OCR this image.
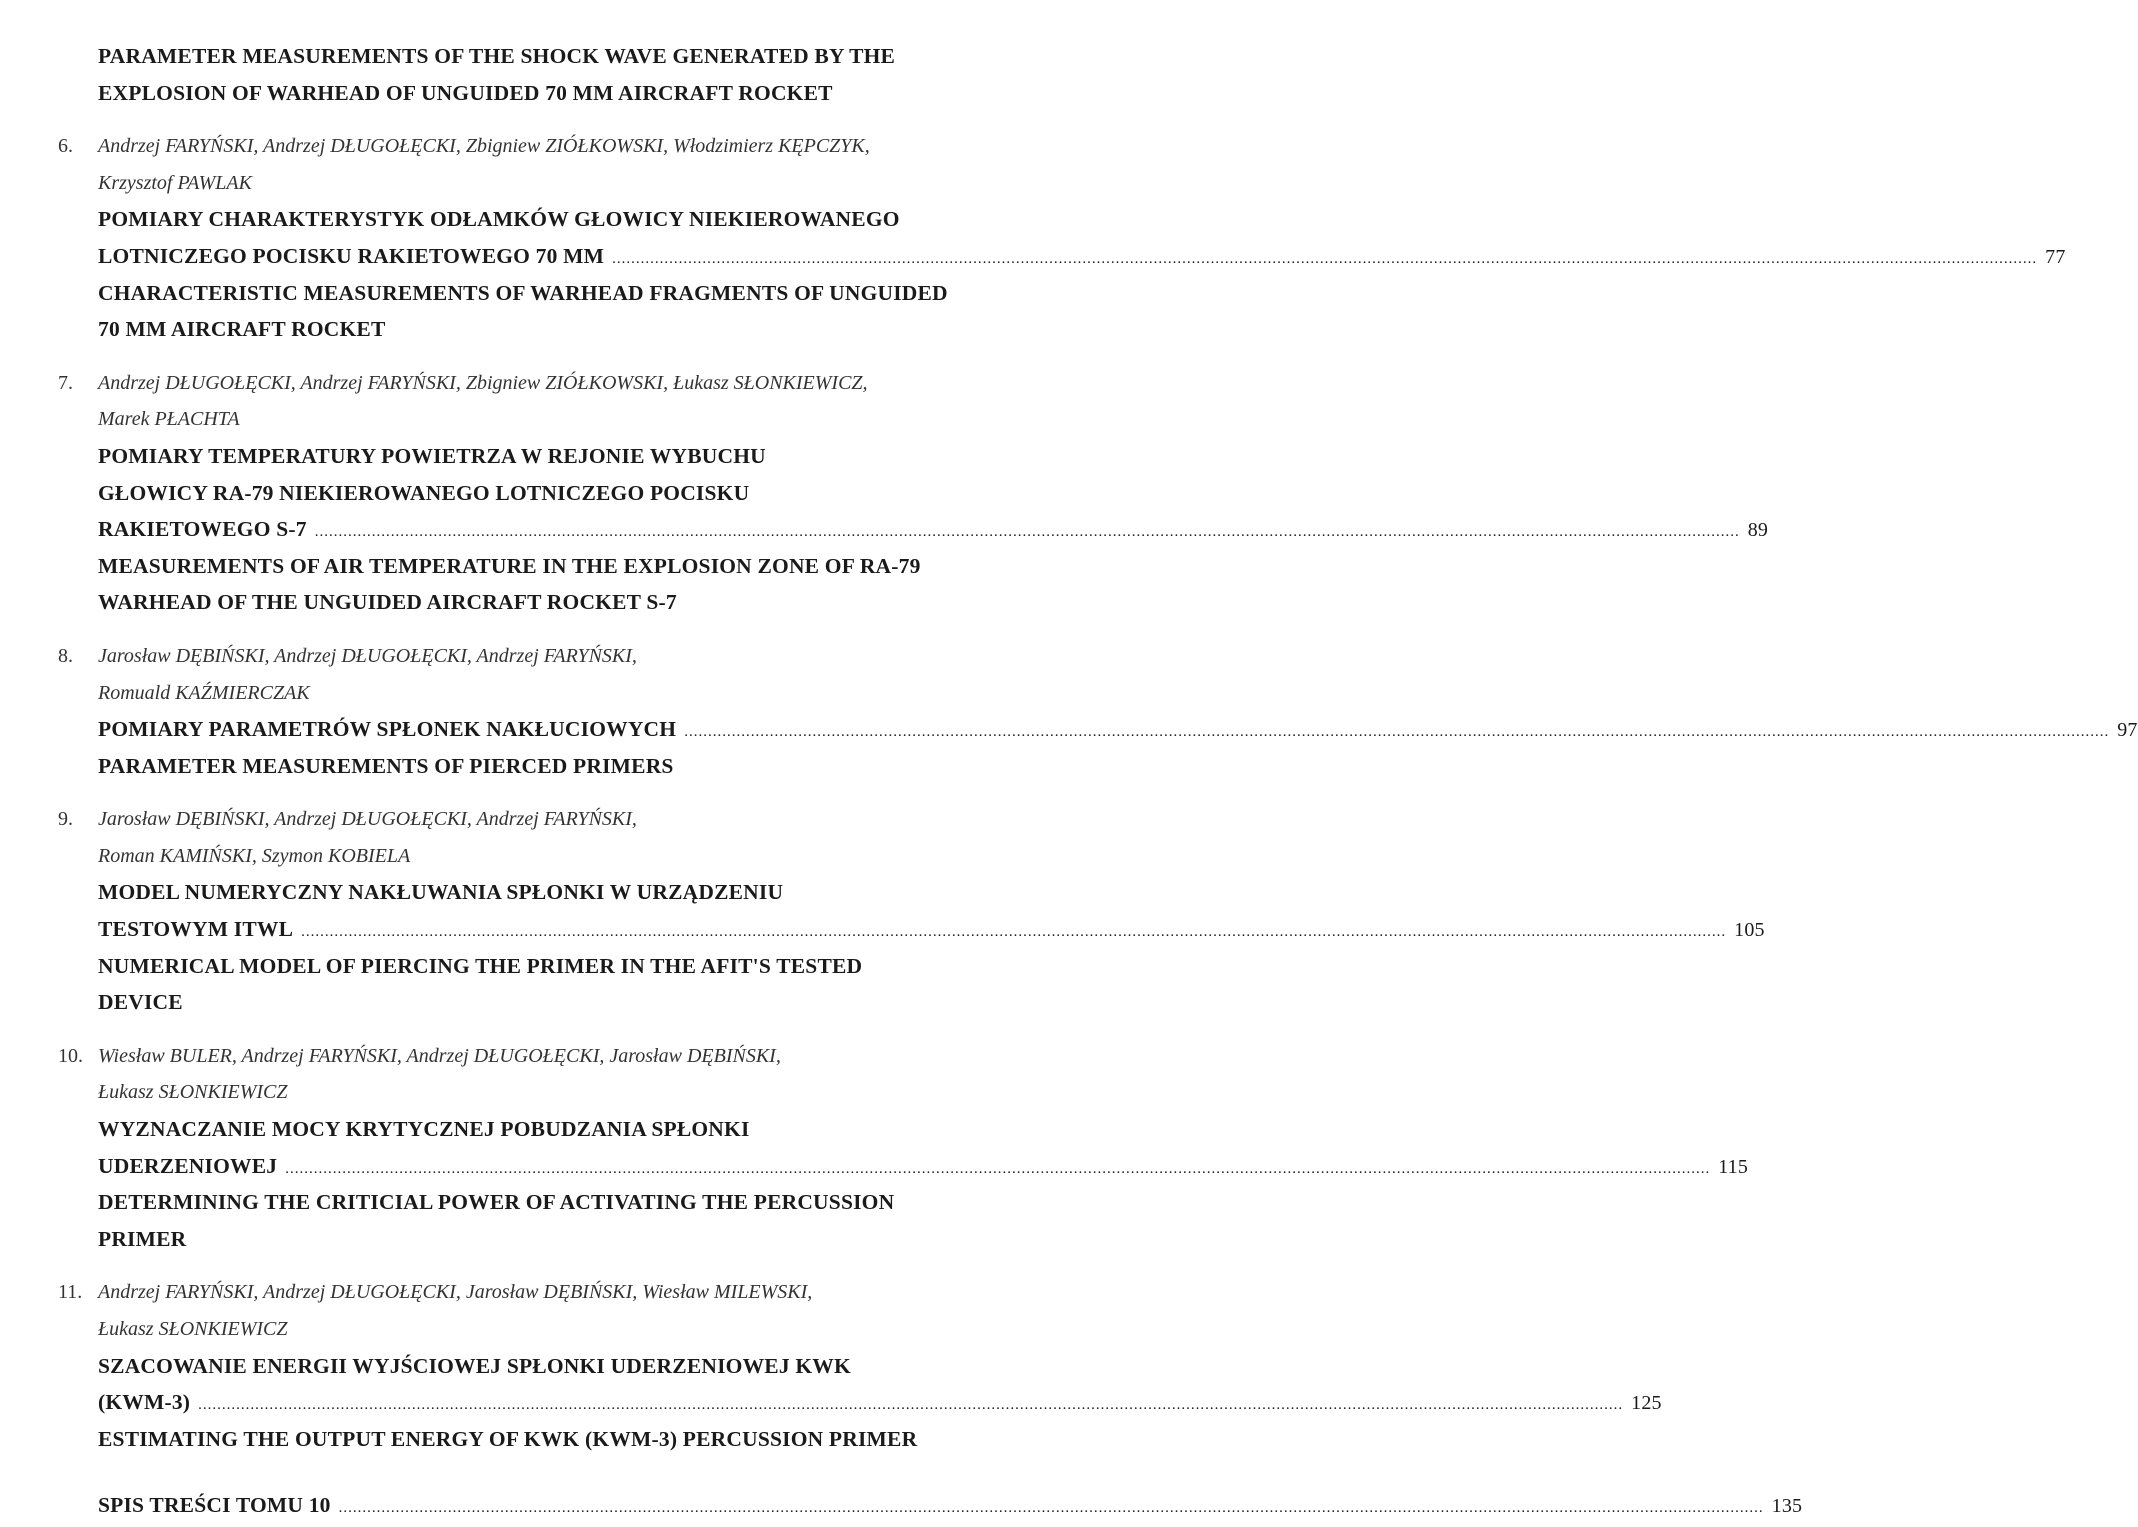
PARAMETER MEASUREMENTS OF THE SHOCK WAVE GENERATED BY THE
EXPLOSION OF WARHEAD OF UNGUIDED 70 MM AIRCRAFT ROCKET
6. Andrzej FARYŃSKI, Andrzej DŁUGOŁĘCKI, Zbigniew ZIÓŁKOWSKI, Włodzimierz KĘPCZYK,
Krzysztof PAWLAK
POMIARY CHARAKTERYSTYK ODŁAMKÓW GŁOWICY NIEKIEROWANEGO
LOTNICZEGO POCISKU RAKIETOWEGO 70 MM ............................................................................................................................................................................................................................................................................................................ 77
CHARACTERISTIC MEASUREMENTS OF WARHEAD FRAGMENTS OF UNGUIDED
70 MM AIRCRAFT ROCKET
7. Andrzej DŁUGOŁĘCKI, Andrzej FARYŃSKI, Zbigniew ZIÓŁKOWSKI, Łukasz SŁONKIEWICZ,
Marek PŁACHTA
POMIARY TEMPERATURY POWIETRZA W REJONIE WYBUCHU
GŁOWICY RA-79 NIEKIEROWANEGO LOTNICZEGO POCISKU
RAKIETOWEGO S-7 ............................................................................................................................................................................................................................................................................................................ 89
MEASUREMENTS OF AIR TEMPERATURE IN THE EXPLOSION ZONE OF RA-79
WARHEAD OF THE UNGUIDED AIRCRAFT ROCKET S-7
8. Jarosław DĘBIŃSKI, Andrzej DŁUGOŁĘCKI, Andrzej FARYŃSKI,
Romuald KAŹMIERCZAK
POMIARY PARAMETRÓW SPŁONEK NAKŁUCIOWYCH ............................................................................................................................................................................................................................................................................................................ 97
PARAMETER MEASUREMENTS OF PIERCED PRIMERS
9. Jarosław DĘBIŃSKI, Andrzej DŁUGOŁĘCKI, Andrzej FARYŃSKI,
Roman KAMIŃSKI, Szymon KOBIELA
MODEL NUMERYCZNY NAKŁUWANIA SPŁONKI W URZĄDZENIU
TESTOWYM ITWL ............................................................................................................................................................................................................................................................................................................ 105
NUMERICAL MODEL OF PIERCING THE PRIMER IN THE AFIT'S TESTED
DEVICE
10. Wiesław BULER, Andrzej FARYŃSKI, Andrzej DŁUGOŁĘCKI, Jarosław DĘBIŃSKI,
Łukasz SŁONKIEWICZ
WYZNACZANIE MOCY KRYTYCZNEJ POBUDZANIA SPŁONKI
UDERZENIOWEJ ............................................................................................................................................................................................................................................................................................................ 115
DETERMINING THE CRITICIAL POWER OF ACTIVATING THE PERCUSSION
PRIMER
11. Andrzej FARYŃSKI, Andrzej DŁUGOŁĘCKI, Jarosław DĘBIŃSKI, Wiesław MILEWSKI,
Łukasz SŁONKIEWICZ
SZACOWANIE ENERGII WYJŚCIOWEJ SPŁONKI UDERZENIOWEJ KWK
(KWM-3) ............................................................................................................................................................................................................................................................................................................ 125
ESTIMATING THE OUTPUT ENERGY OF KWK (KWM-3) PERCUSSION PRIMER
SPIS TREŚCI TOMU 10 ............................................................................................................................................................................................................................................................................................................ 135
